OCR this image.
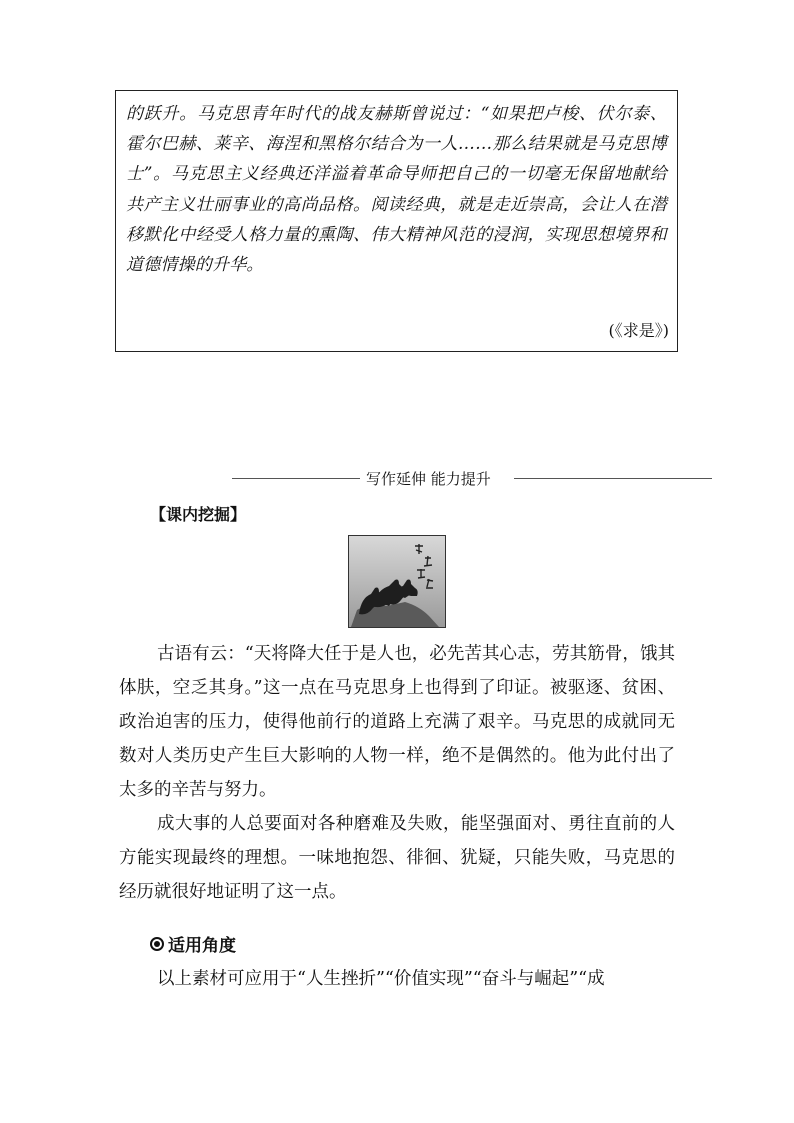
的跃升。马克思青年时代的战友赫斯曾说过：“如果把卢梭、伏尔泰、霍尔巴赫、莱辛、海涅和黑格尔结合为一人……那么结果就是马克思博士”。马克思主义经典还洋溢着革命导师把自己的一切毫无保留地献给共产主义壮丽事业的高尚品格。阅读经典，就是走近崇高，会让人在潜移默化中经受人格力量的熏陶、伟大精神风范的浸润，实现思想境界和道德情操的升华。

(《求是》)
写作延伸 能力提升
【课内挖掘】

古语有云：“天将降大任于是人也，必先苦其心志，劳其筋骨，饿其体肤，空乏其身。”这一点在马克思身上也得到了印证。被驱逐、贫困、政治迫害的压力，使得他前行的道路上充满了艰辛。马克思的成就同无数对人类历史产生巨大影响的人物一样，绝不是偶然的。他为此付出了太多的辛苦与努力。

成大事的人总要面对各种磨难及失败，能坚强面对、勇往直前的人方能实现最终的理想。一味地抱怨、徘徊、犹疑，只能失败，马克思的经历就很好地证明了这一点。

适用角度
以上素材可应用于“人生挫折”“价值实现”“奋斗与崛起”“成
